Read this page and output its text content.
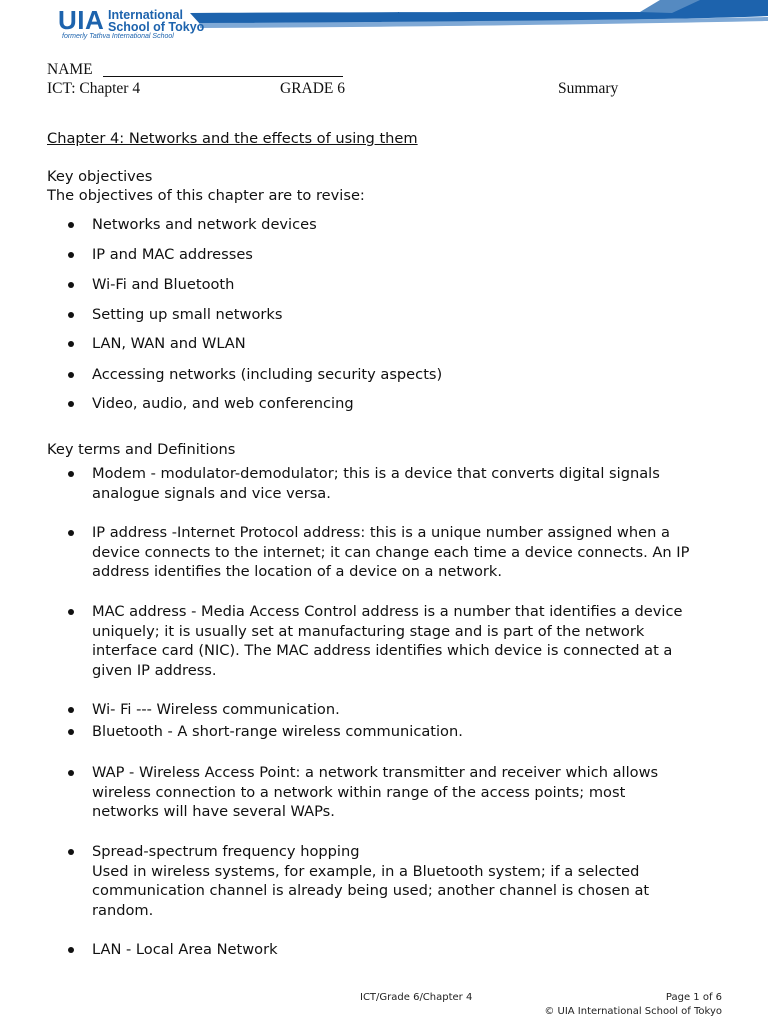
UIA International
School of Tokyo
formerly Tathva International School
NAME
ICT: Chapter 4	GRADE 6	Summary
Chapter 4: Networks and the effects of using them
Key objectives
The objectives of this chapter are to revise:
Networks and network devices
IP and MAC addresses
Wi-Fi and Bluetooth
Setting up small networks
LAN, WAN and WLAN
Accessing networks (including security aspects)
Video, audio, and web conferencing
Key terms and Definitions
Modem - modulator-demodulator; this is a device that converts digital signals
analogue signals and vice versa.
IP address -Internet Protocol address: this is a unique number assigned when a
device connects to the internet; it can change each time a device connects. An IP
address identifies the location of a device on a network.
MAC address - Media Access Control address is a number that identifies a device
uniquely; it is usually set at manufacturing stage and is part of the network
interface card (NIC). The MAC address identifies which device is connected at a
given IP address.
Wi- Fi --- Wireless communication.
Bluetooth - A short-range wireless communication.
WAP - Wireless Access Point: a network transmitter and receiver which allows
wireless connection to a network within range of the access points; most
networks will have several WAPs.
Spread-spectrum frequency hopping
Used in wireless systems, for example, in a Bluetooth system; if a selected
communication channel is already being used; another channel is chosen at
random.
LAN - Local Area Network
ICT/Grade 6/Chapter 4	Page 1 of 6
© UIA International School of Tokyo
